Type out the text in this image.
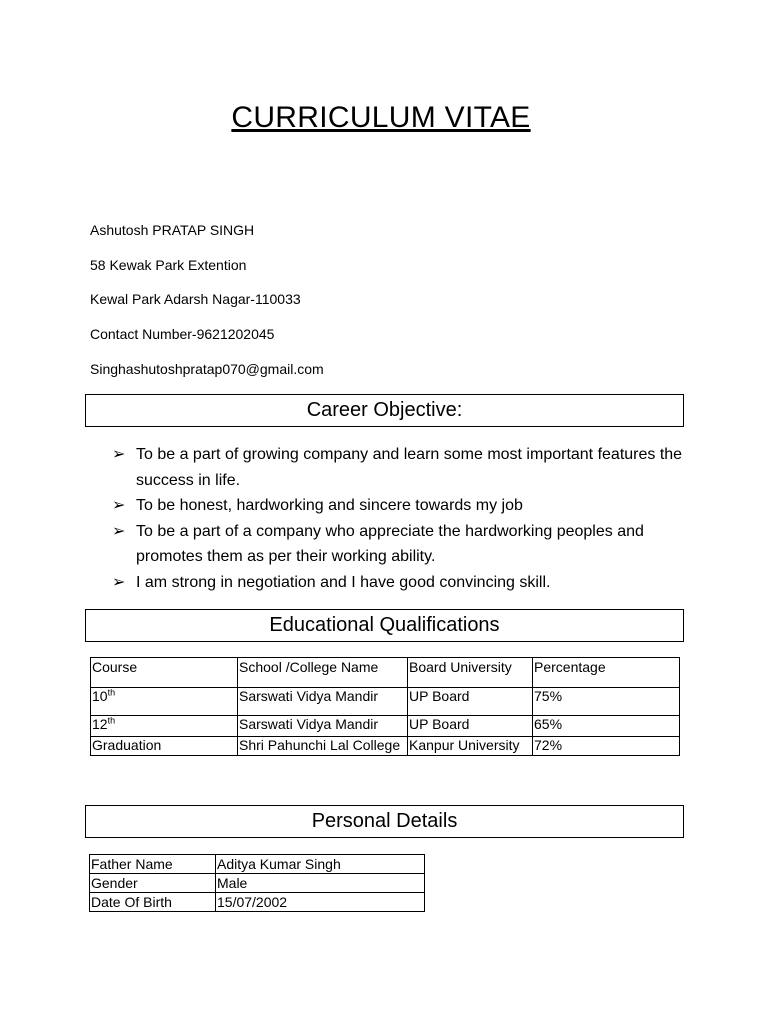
CURRICULUM VITAE
Ashutosh PRATAP SINGH
58 Kewak Park Extention
Kewal Park Adarsh Nagar-110033
Contact Number-9621202045
Singhashutoshpratap070@gmail.com
Career Objective:
➢ To be a part of growing company and learn some most important features the success in life.
➢ To be honest, hardworking and sincere towards my job
➢ To be a part of a company who appreciate the hardworking peoples and promotes them as per their working ability.
➢ I am strong in negotiation and I have good convincing skill.
Educational Qualifications
Course	School /College Name	Board University	Percentage
10th	Sarswati Vidya Mandir	UP Board	75%
12th	Sarswati Vidya Mandir	UP Board	65%
Graduation	Shri Pahunchi Lal College	Kanpur University	72%
Personal Details
Father Name	Aditya Kumar Singh
Gender	Male
Date Of Birth	15/07/2002
